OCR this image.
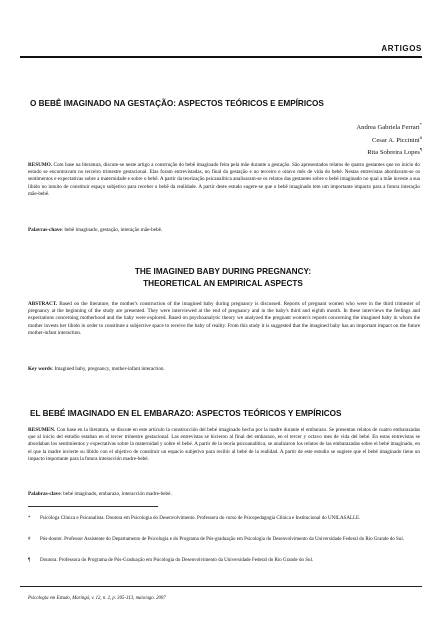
ARTIGOS
O BEBÊ IMAGINADO NA GESTAÇÃO: ASPECTOS TEÓRICOS E EMPÍRICOS
Andrea Gabriela Ferrari*
Cesar A. Piccinini#
Rita Sobreira Lopes¶
RESUMO. Com base na literatura, discute-se neste artigo a construção do bebê imaginado feita pela mãe durante a gestação. São apresentados relatos de quatro gestantes que no início do estudo se encontravam no terceiro trimestre gestacional. Elas foram entrevistadas, no final da gestação e no terceiro e oitavo mês de vida do bebê. Nestas entrevistas abordavam-se os sentimentos e expectativas sobre a maternidade e sobre o bebê. A partir da teorização psicanalítica analisaram-se os relatos das gestantes sobre o bebê imaginado no qual a mãe investe a sua libido no intuito de constituir espaço subjetivo para receber o bebê da realidade. A partir deste estudo sugere-se que o bebê imaginado tem um importante impacto para a futura interação mãe-bebê.
Palavras-chave: bebê imaginado, gestação, interação mãe-bebê.
THE IMAGINED BABY DURING PREGNANCY:
THEORETICAL AN EMPIRICAL ASPECTS
ABSTRACT. Based on the literature, the mother's construction of the imagined baby during pregnancy is discussed. Reports of pregnant women who were in the third trimester of pregnancy at the beginning of the study are presented. They were interviewed at the end of pregnancy and in the baby's third and eighth month. In these interviews the feelings and expectations concerning motherhood and the baby were explored. Based on psychoanalytic theory we analyzed the pregnant women's reports concerning the imagined baby in whom the mother invests her libido in order to constitute a subjective space to receive the baby of reality. From this study it is suggested that the imagined baby has an important impact on the future mother-infant interaction.
Key words: Imagined baby, pregnancy, mother-infant interaction.
EL BEBÉ IMAGINADO EN EL EMBARAZO: ASPECTOS TEÓRICOS Y EMPÍRICOS
RESUMEN. Con base en la literatura, se discute en este artículo la construcción del bebé imaginado hecha por la madre durante el embarazo. Se presentan relatos de cuatro embarazadas que al inicio del estudio estaban en el tercer trimestre gestacional. Las entrevistas se hicieron al final del embarazo, en el tercer y octavo mes de vida del bebé. En estas entrevistas se abordaban los sentimientos y expectativas sobre la maternidad y sobre el bebé. A partir de la teoría psicoanalítica, se analizaron los relatos de las embarazadas sobre el bebé imaginado, en el que la madre invierte su libido con el objetivo de constituir un espacio subjetivo para recibir al bebé de la realidad. A partir de este estudio se sugiere que el bebé imaginado tiene un impacto importante para la futura interacción madre-bebé.
Palabras-clave: bebé imaginado, embarazo, interacción madre-bebé.
* Psicóloga Clínica e Psicanalista. Doutora em Psicologia do Desenvolvimento. Professora do curso de Psicopedagogia Clínica e Institucional do UNILASALLE.
# Pós-doutor. Professor Assistente do Departamento de Psicologia e do Programa de Pós-graduação em Psicologia do Desenvolvimento da Universidade Federal do Rio Grande do Sul.
¶ Doutora. Professora do Programa de Pós-Graduação em Psicologia do Desenvolvimento da Universidade Federal do Rio Grande do Sul.
Psicologia em Estudo, Maringá, v. 12, n. 2, p. 305-313, maio/ago. 2007
